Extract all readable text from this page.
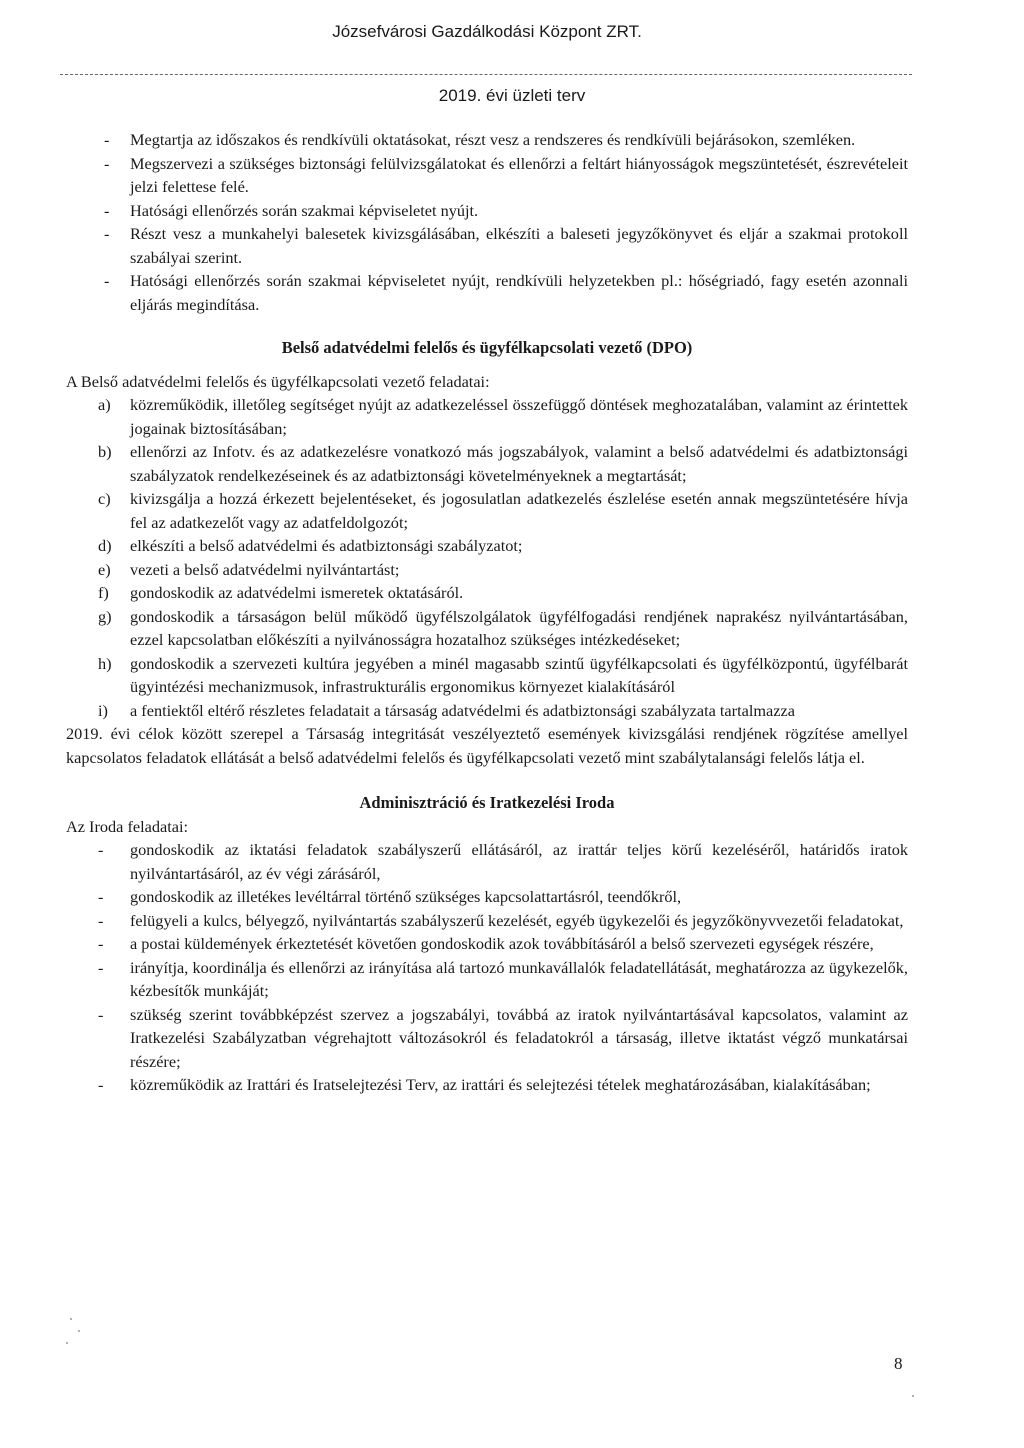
Józsefvárosi Gazdálkodási Központ ZRT.
2019. évi üzleti terv
- Megtartja az időszakos és rendkívüli oktatásokat, részt vesz a rendszeres és rendkívüli bejárásokon, szemléken.
- Megszervezi a szükséges biztonsági felülvizsgálatokat és ellenőrzi a feltárt hiányosságok megszüntetését, észrevételeit jelzi felettese felé.
- Hatósági ellenőrzés során szakmai képviseletet nyújt.
- Részt vesz a munkahelyi balesetek kivizsgálásában, elkészíti a baleseti jegyzőkönyvet és eljár a szakmai protokoll szabályai szerint.
- Hatósági ellenőrzés során szakmai képviseletet nyújt, rendkívüli helyzetekben pl.: hőségriadó, fagy esetén azonnali eljárás megindítása.
Belső adatvédelmi felelős és ügyfélkapcsolati vezető (DPO)

A Belső adatvédelmi felelős és ügyfélkapcsolati vezető feladatai:

a) közreműködik, illetőleg segítséget nyújt az adatkezeléssel összefüggő döntések meghozatalában, valamint az érintettek jogainak biztosításában;
b) ellenőrzi az Infotv. és az adatkezelésre vonatkozó más jogszabályok, valamint a belső adatvédelmi és adatbiztonsági szabályzatok rendelkezéseinek és az adatbiztonsági követelményeknek a megtartását;
c) kivizsgálja a hozzá érkezett bejelentéseket, és jogosulatlan adatkezelés észlelése esetén annak megszüntetésére hívja fel az adatkezelőt vagy az adatfeldolgozót;
d) elkészíti a belső adatvédelmi és adatbiztonsági szabályzatot;
e) vezeti a belső adatvédelmi nyilvántartást;
f) gondoskodik az adatvédelmi ismeretek oktatásáról.
g) gondoskodik a társaságon belül működő ügyfélszolgálatok ügyfélfogadási rendjének naprakész nyilvántartásában, ezzel kapcsolatban előkészíti a nyilvánosságra hozatalhoz szükséges intézkedéseket;
h) gondoskodik a szervezeti kultúra jegyében a minél magasabb szintű ügyfélkapcsolati és ügyfélközpontú, ügyfélbarát ügyintézési mechanizmusok, infrastrukturális ergonomikus környezet kialakításáról
i) a fentiektől eltérő részletes feladatait a társaság adatvédelmi és adatbiztonsági szabályzata tartalmazza

2019. évi célok között szerepel a Társaság integritását veszélyeztető események kivizsgálási rendjének rögzítése amellyel kapcsolatos feladatok ellátását a belső adatvédelmi felelős és ügyfélkapcsolati vezető mint szabálytalansági felelős látja el.

Adminisztráció és Iratkezelési Iroda

Az Iroda feladatai:

- gondoskodik az iktatási feladatok szabályszerű ellátásáról, az irattár teljes körű kezeléséről, határidős iratok nyilvántartásáról, az év végi zárásáról,
- gondoskodik az illetékes levéltárral történő szükséges kapcsolattartásról, teendőkről,
- felügyeli a kulcs, bélyegző, nyilvántartás szabályszerű kezelését, egyéb ügykezelői és jegyzőkönyvvezetői feladatokat,
- a postai küldemények érkeztetését követően gondoskodik azok továbbításáról a belső szervezeti egységek részére,
- irányítja, koordinálja és ellenőrzi az irányítása alá tartozó munkavállalók feladatellátását, meghatározza az ügykezelők, kézbesítők munkáját;
- szükség szerint továbbképzést szervez a jogszabályi, továbbá az iratok nyilvántartásával kapcsolatos, valamint az Iratkezelési Szabályzatban végrehajtott változásokról és feladatokról a társaság, illetve iktatást végző munkatársai részére;
- közreműködik az Irattári és Iratselejtezési Terv, az irattári és selejtezési tételek meghatározásában, kialakításában;
8
